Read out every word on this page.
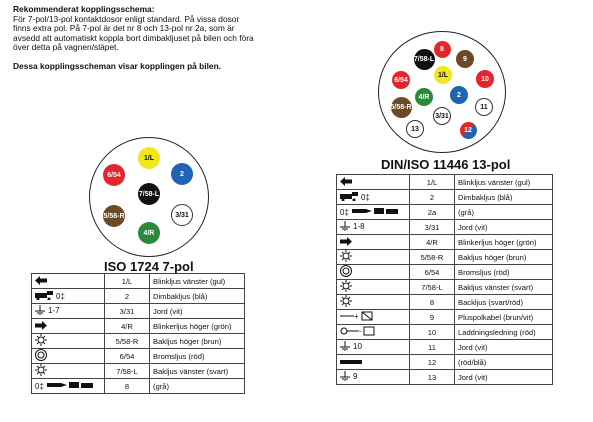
Rekommenderat kopplingsschema:
För 7-pol/13-pol kontaktdosor enligt standard. På vissa dosor
finns extra pol. På 7-pol är det nr 8 och 13-pol nr 2a, som är
avsedd att automatiskt koppla bort dimbakljuset på bilen och föra
över detta på vagnen/släpet.
Dessa kopplingsscheman visar kopplingen på bilen.
1/L
2
3/31
4/R
5/58-R
6/54
7/58-L
ISO 1724 7-pol
7/58-L
8
9
1/L
10
6/54
4/R	2
5/58-R	11
3/31
13	12
DIN/ISO 11446 13-pol
	1/L	Blinkljus vänster (gul)

0‡	2	Dimbakljus (blå)
1-7	3/31	Jord (vit)
	4/R	Blinkerljus höger (grön)
	5/58-R	Bakljus höger (brun)
	6/54	Bromsljus (röd)
	7/58-L	Bakljus vänster (svart)

0‡	8	(grå)
	1/L	Blinkljus vänster (gul)

0‡	2	Dimbakljus (blå)

0‡	2a	(grå)
1-8	3/31	Jord (vit)
	4/R	Blinkerljus höger (grön)
	5/58-R	Bakljus höger (brun)
	6/54	Bromsljus (röd)
	7/58-L	Bakljus vänster (svart)
	8	Backljus (svart/röd)

+	9	Pluspolkabel (brun/vit)

~	10	Laddningsledning (röd)
10	11	Jord (vit)
	12	(röd/blå)
9	13	Jord (vit)
